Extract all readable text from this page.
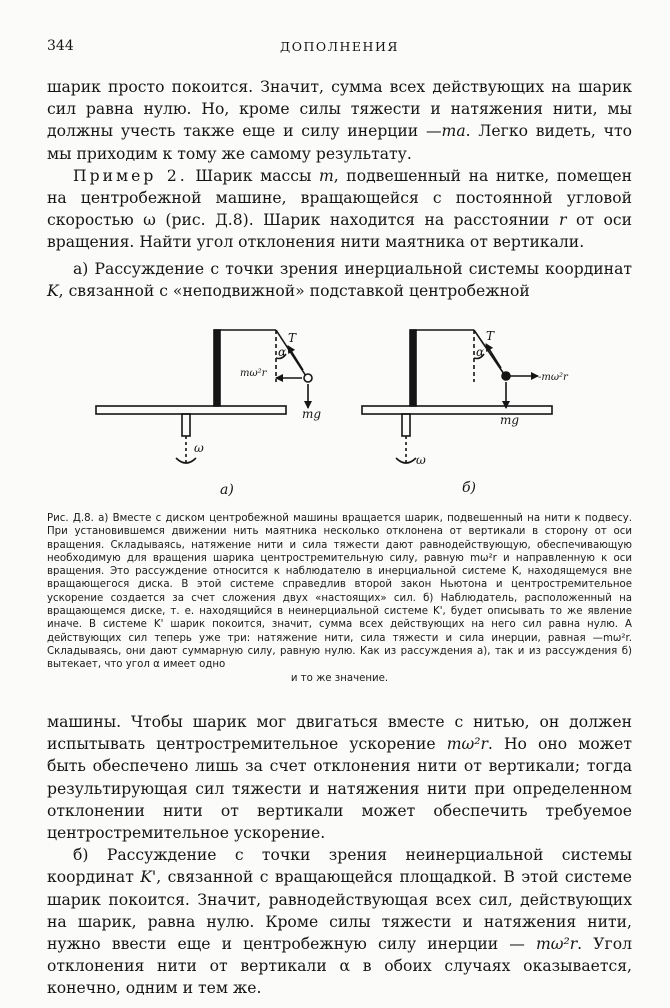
344	ДОПОЛНЕНИЯ

шарик просто покоится. Значит, сумма всех действующих на шарик сил равна нулю. Но, кроме силы тяжести и натяжения нити, мы должны учесть также еще и силу инерции —ma. Легко видеть, что мы приходим к тому же самому результату.

Пример 2. Шарик массы m, подвешенный на нитке, помещен на центробежной машине, вращающейся с постоянной угловой скоростью ω (рис. Д.8). Шарик находится на расстоянии r от оси вращения. Найти угол отклонения нити маятника от вертикали.

а) Рассуждение с точки зрения инерциальной системы координат K, связанной с «неподвижной» подставкой центробежной

T
α
mω²r
mg
ω
а)
T
α
-mω²r
mg
ω
б)

Рис. Д.8. а) Вместе с диском центробежной машины вращается шарик, подвешенный на нити к подвесу. При установившемся движении нить маятника несколько отклонена от вертикали в сторону от оси вращения. Складываясь, натяжение нити и сила тяжести дают равнодействующую, обеспечивающую необходимую для вращения шарика центростремительную силу, равную mω²r и направленную к оси вращения. Это рассуждение относится к наблюдателю в инерциальной системе K, находящемуся вне вращающегося диска. В этой системе справедлив второй закон Ньютона и центростремительное ускорение создается за счет сложения двух «настоящих» сил. б) Наблюдатель, расположенный на вращающемся диске, т. е. находящийся в неинерциальной системе K', будет описывать то же явление иначе. В системе K' шарик покоится, значит, сумма всех действующих на него сил равна нулю. А действующих сил теперь уже три: натяжение нити, сила тяжести и сила инерции, равная —mω²r. Складываясь, они дают суммарную силу, равную нулю. Как из рассуждения а), так и из рассуждения б) вытекает, что угол α имеет одно

и то же значение.

машины. Чтобы шарик мог двигаться вместе с нитью, он должен испытывать центростремительное ускорение mω²r. Но оно может быть обеспечено лишь за счет отклонения нити от вертикали; тогда результирующая сил тяжести и натяжения нити при определенном отклонении нити от вертикали может обеспечить требуемое центростремительное ускорение.

б) Рассуждение с точки зрения неинерциальной системы координат K', связанной с вращающейся площадкой. В этой системе шарик покоится. Значит, равнодействующая всех сил, действующих на шарик, равна нулю. Кроме силы тяжести и натяжения нити, нужно ввести еще и центробежную силу инерции — mω²r. Угол отклонения нити от вертикали α в обоих случаях оказывается, конечно, одним и тем же.
